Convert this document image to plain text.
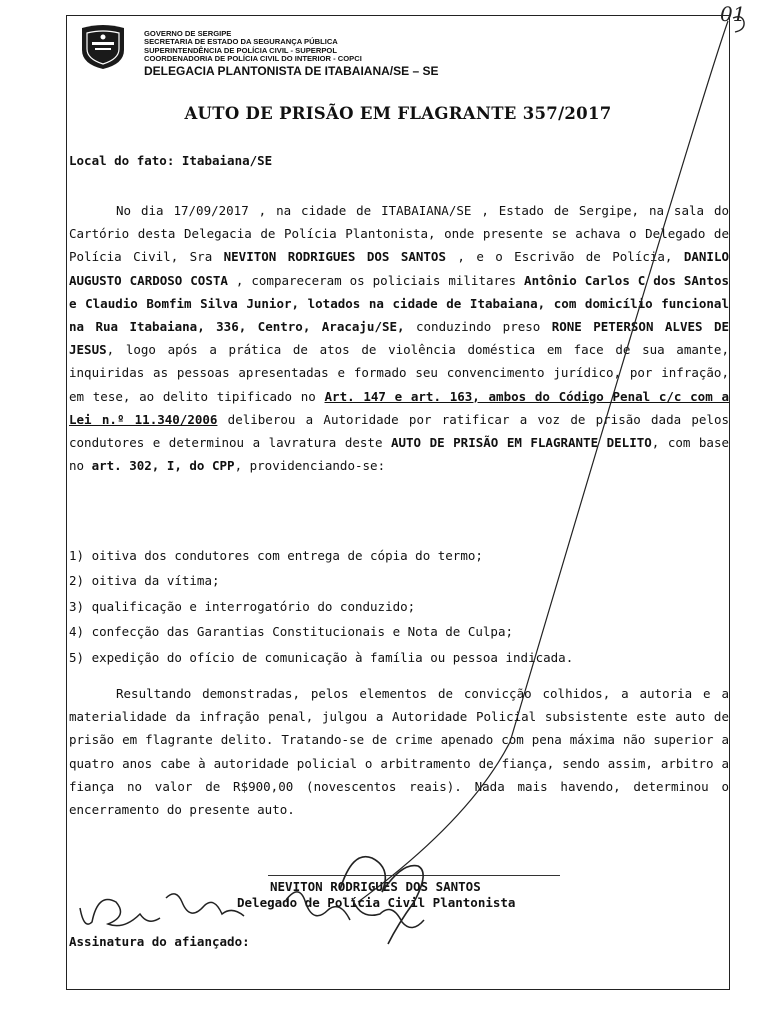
01
GOVERNO DE SERGIPE
SECRETARIA DE ESTADO DA SEGURANÇA PÚBLICA
SUPERINTENDÊNCIA DE POLÍCIA CIVIL - SUPERPOL
COORDENADORIA DE POLÍCIA CIVIL DO INTERIOR - COPCI
DELEGACIA PLANTONISTA DE ITABAIANA/SE – SE
AUTO DE PRISÃO EM FLAGRANTE 357/2017
Local do fato: Itabaiana/SE
No dia 17/09/2017 , na cidade de ITABAIANA/SE , Estado de Sergipe, na sala do Cartório desta Delegacia de Polícia Plantonista, onde presente se achava o Delegado de Polícia Civil, Sra NEVITON RODRIGUES DOS SANTOS , e o Escrivão de Polícia, DANILO AUGUSTO CARDOSO COSTA , compareceram os policiais militares Antônio Carlos C dos SAntos e Claudio Bomfim Silva Junior, lotados na cidade de Itabaiana, com domicílio funcional na Rua Itabaiana, 336, Centro, Aracaju/SE, conduzindo preso RONE PETERSON ALVES DE JESUS, logo após a prática de atos de violência doméstica em face de sua amante, inquiridas as pessoas apresentadas e formado seu convencimento jurídico, por infração, em tese, ao delito tipificado no Art. 147 e art. 163, ambos do Código Penal c/c com a Lei n.º 11.340/2006 deliberou a Autoridade por ratificar a voz de prisão dada pelos condutores e determinou a lavratura deste AUTO DE PRISÃO EM FLAGRANTE DELITO, com base no art. 302, I, do CPP, providenciando-se:
1) oitiva dos condutores com entrega de cópia do termo;
2) oitiva da vítima;
3) qualificação e interrogatório do conduzido;
4) confecção das Garantias Constitucionais e Nota de Culpa;
5) expedição do ofício de comunicação à família ou pessoa indicada.
Resultando demonstradas, pelos elementos de convicção colhidos, a autoria e a materialidade da infração penal, julgou a Autoridade Policial subsistente este auto de prisão em flagrante delito. Tratando-se de crime apenado com pena máxima não superior a quatro anos cabe à autoridade policial o arbitramento de fiança, sendo assim, arbitro a fiança no valor de R$900,00 (novescentos reais). Nada mais havendo, determinou o encerramento do presente auto.
NEVITON RODRIGUES DOS SANTOS
Delegado de Polícia Civil Plantonista
Assinatura do afiançado:
